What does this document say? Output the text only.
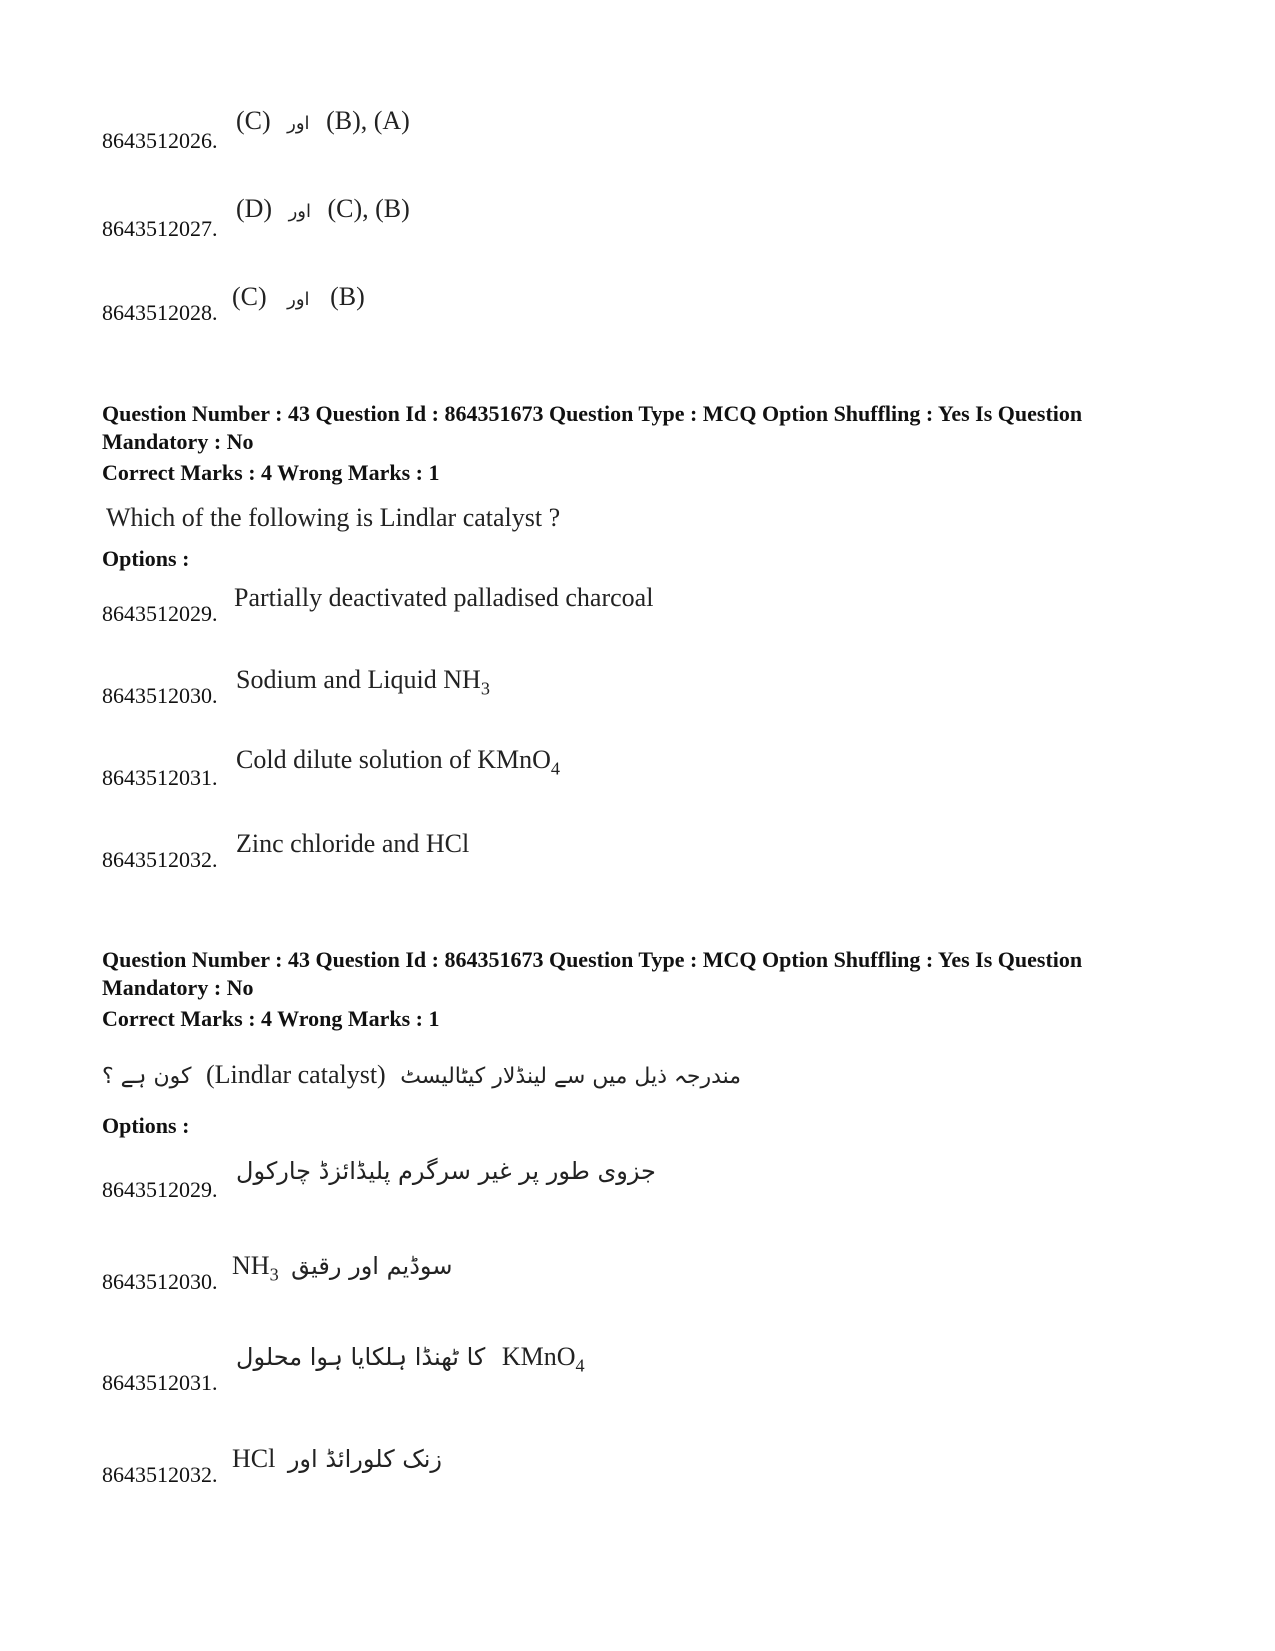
(C) اور (B), (A)
8643512026.
(D) اور (C), (B)
8643512027.
(C) اور (B)
8643512028.
Question Number : 43 Question Id : 864351673 Question Type : MCQ Option Shuffling : Yes Is Question Mandatory : No
Correct Marks : 4 Wrong Marks : 1
Which of the following is Lindlar catalyst ?
Options :
Partially deactivated palladised charcoal
8643512029.
Sodium and Liquid $NH_3$
8643512030.
Cold dilute solution of KMnO$_4$
8643512031.
Zinc chloride and HCl
8643512032.
Question Number : 43 Question Id : 864351673 Question Type : MCQ Option Shuffling : Yes Is Question Mandatory : No
Correct Marks : 4 Wrong Marks : 1
کون ہے ؟ (Lindlar catalyst) مندرجہ ذیل میں سے لینڈلار کیٹالیسٹ
Options :
جزوی طور پر غیر سرگرم پلیڈائزڈ چارکول
8643512029.
$NH_3$ سوڈیم اور رقیق
8643512030.
کا ٹھنڈا ہلکایا ہوا محلول KMnO$_4$
8643512031.
HCl زنک کلورائڈ اور
8643512032.
